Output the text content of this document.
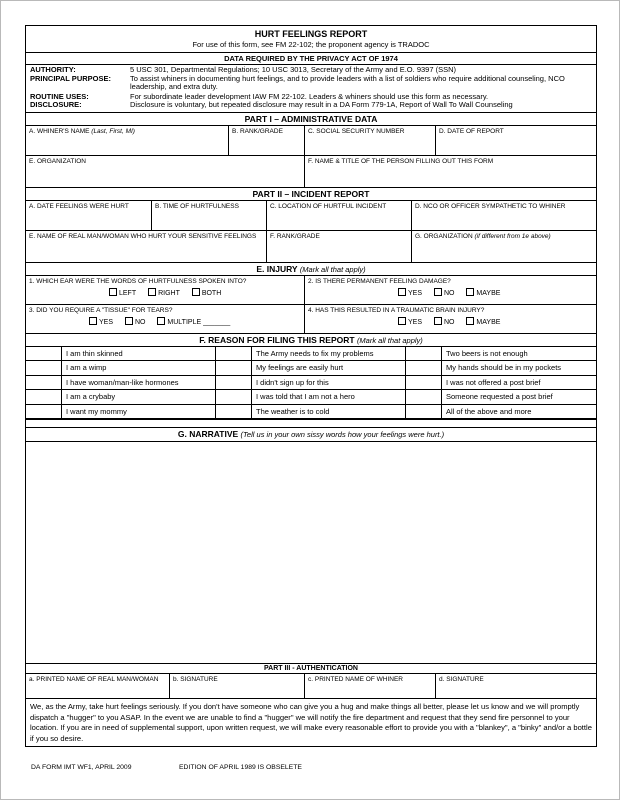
HURT FEELINGS REPORT
For use of this form, see FM 22-102; the proponent agency is TRADOC
DATA REQUIRED BY THE PRIVACY ACT OF 1974
AUTHORITY:	5 USC 301, Departmental Regulations; 10 USC 3013, Secretary of the Army and E.O. 9397 (SSN)
PRINCIPAL PURPOSE:	To assist whiners in documenting hurt feelings, and to provide leaders with a list of soldiers who require additional counseling, NCO leadership, and extra duty.
ROUTINE USES:	For subordinate leader development IAW FM 22-102. Leaders & whiners should use this form as necessary.
DISCLOSURE:	Disclosure is voluntary, but repeated disclosure may result in a DA Form 779-1A, Report of Wall To Wall Counseling
PART I – ADMINISTRATIVE DATA
A. WHINER'S NAME (Last, First, MI)	B. RANK/GRADE	C. SOCIAL SECURITY NUMBER	D. DATE OF REPORT
E. ORGANIZATION	F. NAME & TITLE OF THE PERSON FILLING OUT THIS FORM
PART II – INCIDENT REPORT
A. DATE FEELINGS WERE HURT	B. TIME OF HURTFULNESS	C. LOCATION OF HURTFUL INCIDENT	D. NCO OR OFFICER SYMPATHETIC TO WHINER
E. NAME OF REAL MAN/WOMAN WHO HURT YOUR SENSITIVE FEELINGS	F. RANK/GRADE	G. ORGANIZATION (if different from 1e above)
E. INJURY (Mark all that apply)
1. WHICH EAR WERE THE WORDS OF HURTFULNESS SPOKEN INTO?
LEFT	RIGHT	BOTH
2. IS THERE PERMANENT FEELING DAMAGE?
YES	NO	MAYBE
3. DID YOU REQUIRE A "TISSUE" FOR TEARS?
YES	NO	MULTIPLE _______
4. HAS THIS RESULTED IN A TRAUMATIC BRAIN INJURY?
YES	NO	MAYBE
F. REASON FOR FILING THIS REPORT (Mark all that apply)
I am thin skinned	The Army needs to fix my problems	Two beers is not enough
I am a wimp	My feelings are easily hurt	My hands should be in my pockets
I have woman/man-like hormones	I didn't sign up for this	I was not offered a post brief
I am a crybaby	I was told that I am not a hero	Someone requested a post brief
I want my mommy	The weather is to cold	All of the above and more
G. NARRATIVE (Tell us in your own sissy words how your feelings were hurt.)
PART III - AUTHENTICATION
a. PRINTED NAME OF REAL MAN/WOMAN	b. SIGNATURE	c. PRINTED NAME OF WHINER	d. SIGNATURE
We, as the Army, take hurt feelings seriously. If you don't have someone who can give you a hug and make things all better, please let us know and we will promptly dispatch a "hugger" to you ASAP. In the event we are unable to find a "hugger" we will notify the fire department and request that they send fire personnel to your location. If you are in need of supplemental support, upon written request, we will make every reasonable effort to provide you with a "blankey", a "binky" and/or a bottle if you so desire.
DA FORM IMT WF1, APRIL 2009	EDITION OF APRIL 1989 IS OBSELETE
